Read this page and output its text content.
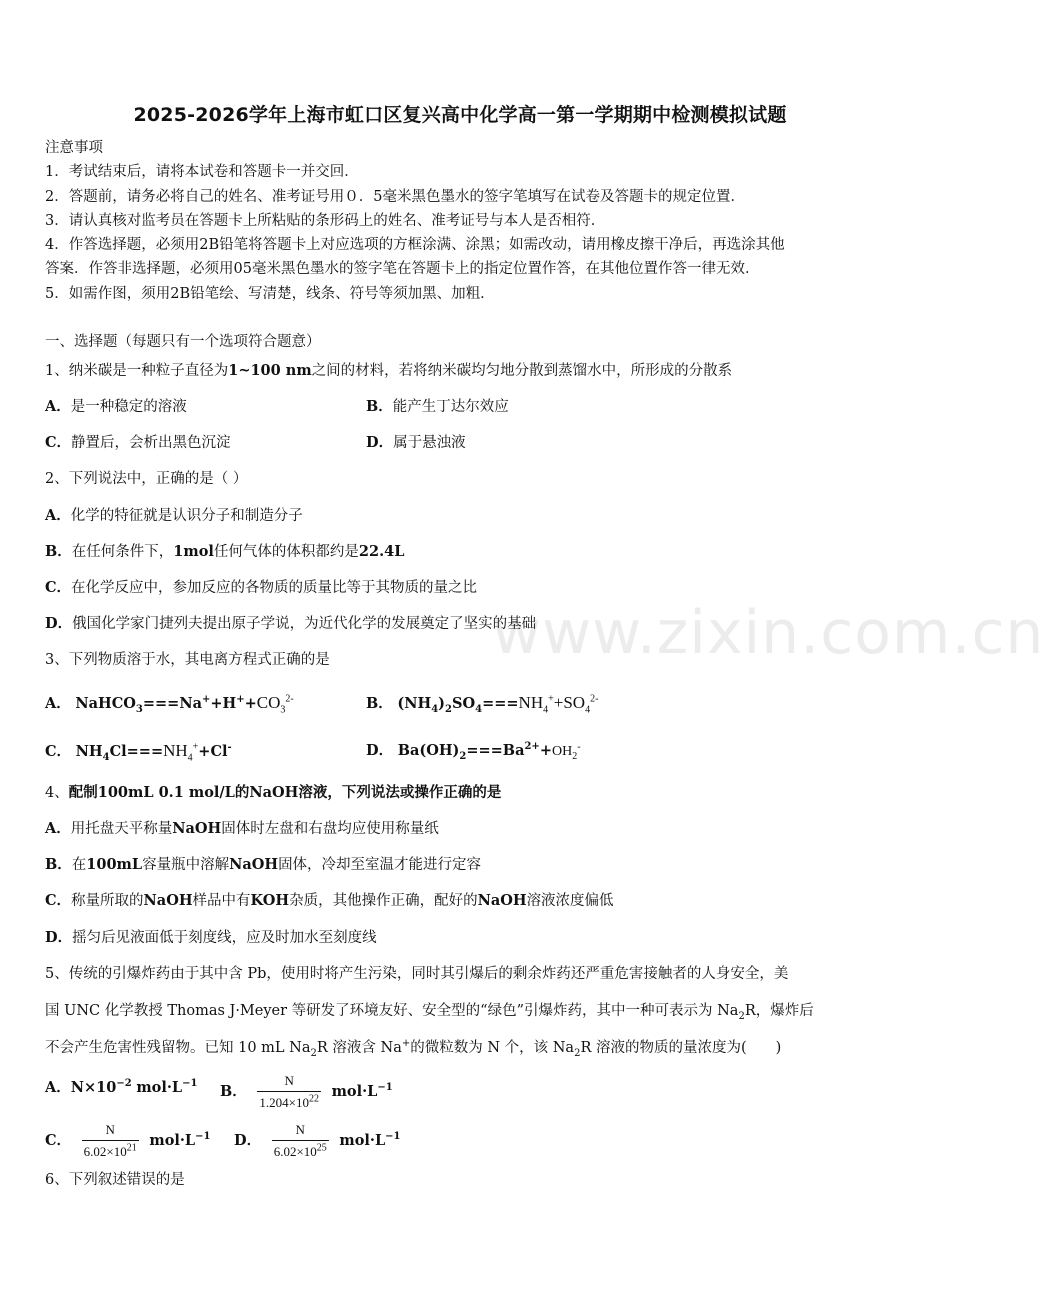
www.zixin.com.cn
2025-2026学年上海市虹口区复兴高中化学高一第一学期期中检测模拟试题
注意事项
1．考试结束后，请将本试卷和答题卡一并交回．
2．答题前，请务必将自己的姓名、准考证号用０．5毫米黑色墨水的签字笔填写在试卷及答题卡的规定位置．
3．请认真核对监考员在答题卡上所粘贴的条形码上的姓名、准考证号与本人是否相符．
4．作答选择题，必须用2B铅笔将答题卡上对应选项的方框涂满、涂黑；如需改动，请用橡皮擦干净后，再选涂其他
答案．作答非选择题，必须用05毫米黑色墨水的签字笔在答题卡上的指定位置作答，在其他位置作答一律无效．
5．如需作图，须用2B铅笔绘、写清楚，线条、符号等须加黑、加粗．
一、选择题（每题只有一个选项符合题意）
1、纳米碳是一种粒子直径为1~100 nm之间的材料，若将纳米碳均匀地分散到蒸馏水中，所形成的分散系
A．是一种稳定的溶液	B．能产生丁达尔效应
C．静置后，会析出黑色沉淀	D．属于悬浊液
2、下列说法中，正确的是（ ）
A．化学的特征就是认识分子和制造分子
B．在任何条件下，1mol任何气体的体积都约是22.4L
C．在化学反应中，参加反应的各物质的质量比等于其物质的量之比
D．俄国化学家门捷列夫提出原子学说，为近代化学的发展奠定了坚实的基础
3、下列物质溶于水，其电离方程式正确的是
A． $NaHCO_3===Na^++H^++CO_3^{2-}$	B． $(NH_4)_2SO_4===NH_4^++SO_4^{2-}$
C． $NH_4Cl===NH_4^++Cl^-$	D． $Ba(OH)_2===Ba^{2+}+OH_2^-$
4、配制100mL 0.1 mol/L的NaOH溶液，下列说法或操作正确的是
A．用托盘天平称量NaOH固体时左盘和右盘均应使用称量纸
B．在100mL容量瓶中溶解NaOH固体，冷却至室温才能进行定容
C．称量所取的NaOH样品中有KOH杂质，其他操作正确，配好的NaOH溶液浓度偏低
D．摇匀后见液面低于刻度线，应及时加水至刻度线
5、传统的引爆炸药由于其中含 Pb，使用时将产生污染，同时其引爆后的剩余炸药还严重危害接触者的人身安全，美
国 UNC 化学教授 Thomas J·Meyer 等研发了环境友好、安全型的“绿色”引爆炸药，其中一种可表示为 $Na_2R$，爆炸后
不会产生危害性残留物。已知 10 mL $Na_2R$ 溶液含 Na+的微粒数为 N 个，该 $Na_2R$ 溶液的物质的量浓度为(　　)
A．$N\times 10^{-2}$ $mol\cdot L^{-1}$ B． $\frac{N}{1.204\times 10^{22}} mol\cdot L^{-1}$
C． $\frac{N}{6.02\times 10^{21}} mol\cdot L^{-1}$ D． $\frac{N}{6.02\times 10^{25}} mol\cdot L^{-1}$
6、下列叙述错误的是
